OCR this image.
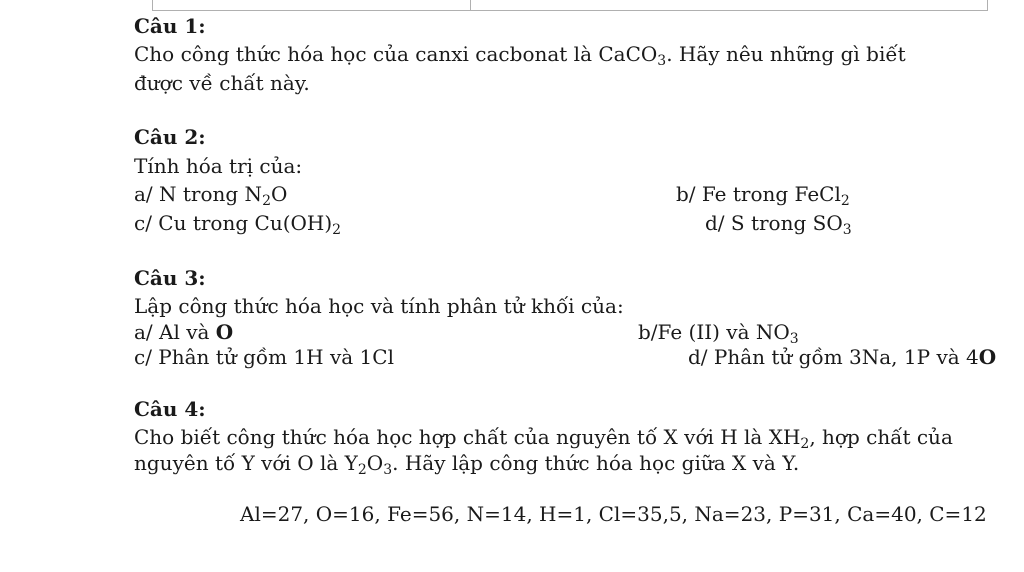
Câu 1:
Cho công thức hóa học của canxi cacbonat là CaCO$_3$. Hãy nêu những gì biết
được về chất này.
Câu 2:
Tính hóa trị của:
a/ N trong $N_2O$	b/ Fe trong FeCl$_2$
c/ Cu trong $Cu(OH)_2$	d/ S trong $SO_3$
Câu 3:
Lập công thức hóa học và tính phân tử khối của:
a/ Al và O	b/Fe (II) và $NO_3$
c/ Phân tử gồm 1H và 1Cl	d/ Phân tử gồm 3Na, 1P và 4O
Câu 4:
Cho biết công thức hóa học hợp chất của nguyên tố X với H là $XH_2$, hợp chất của
nguyên tố Y với O là $Y_2O_3$. Hãy lập công thức hóa học giữa X và Y.
Al=27, O=16, Fe=56, N=14, H=1, Cl=35,5, Na=23, P=31, Ca=40, C=12
